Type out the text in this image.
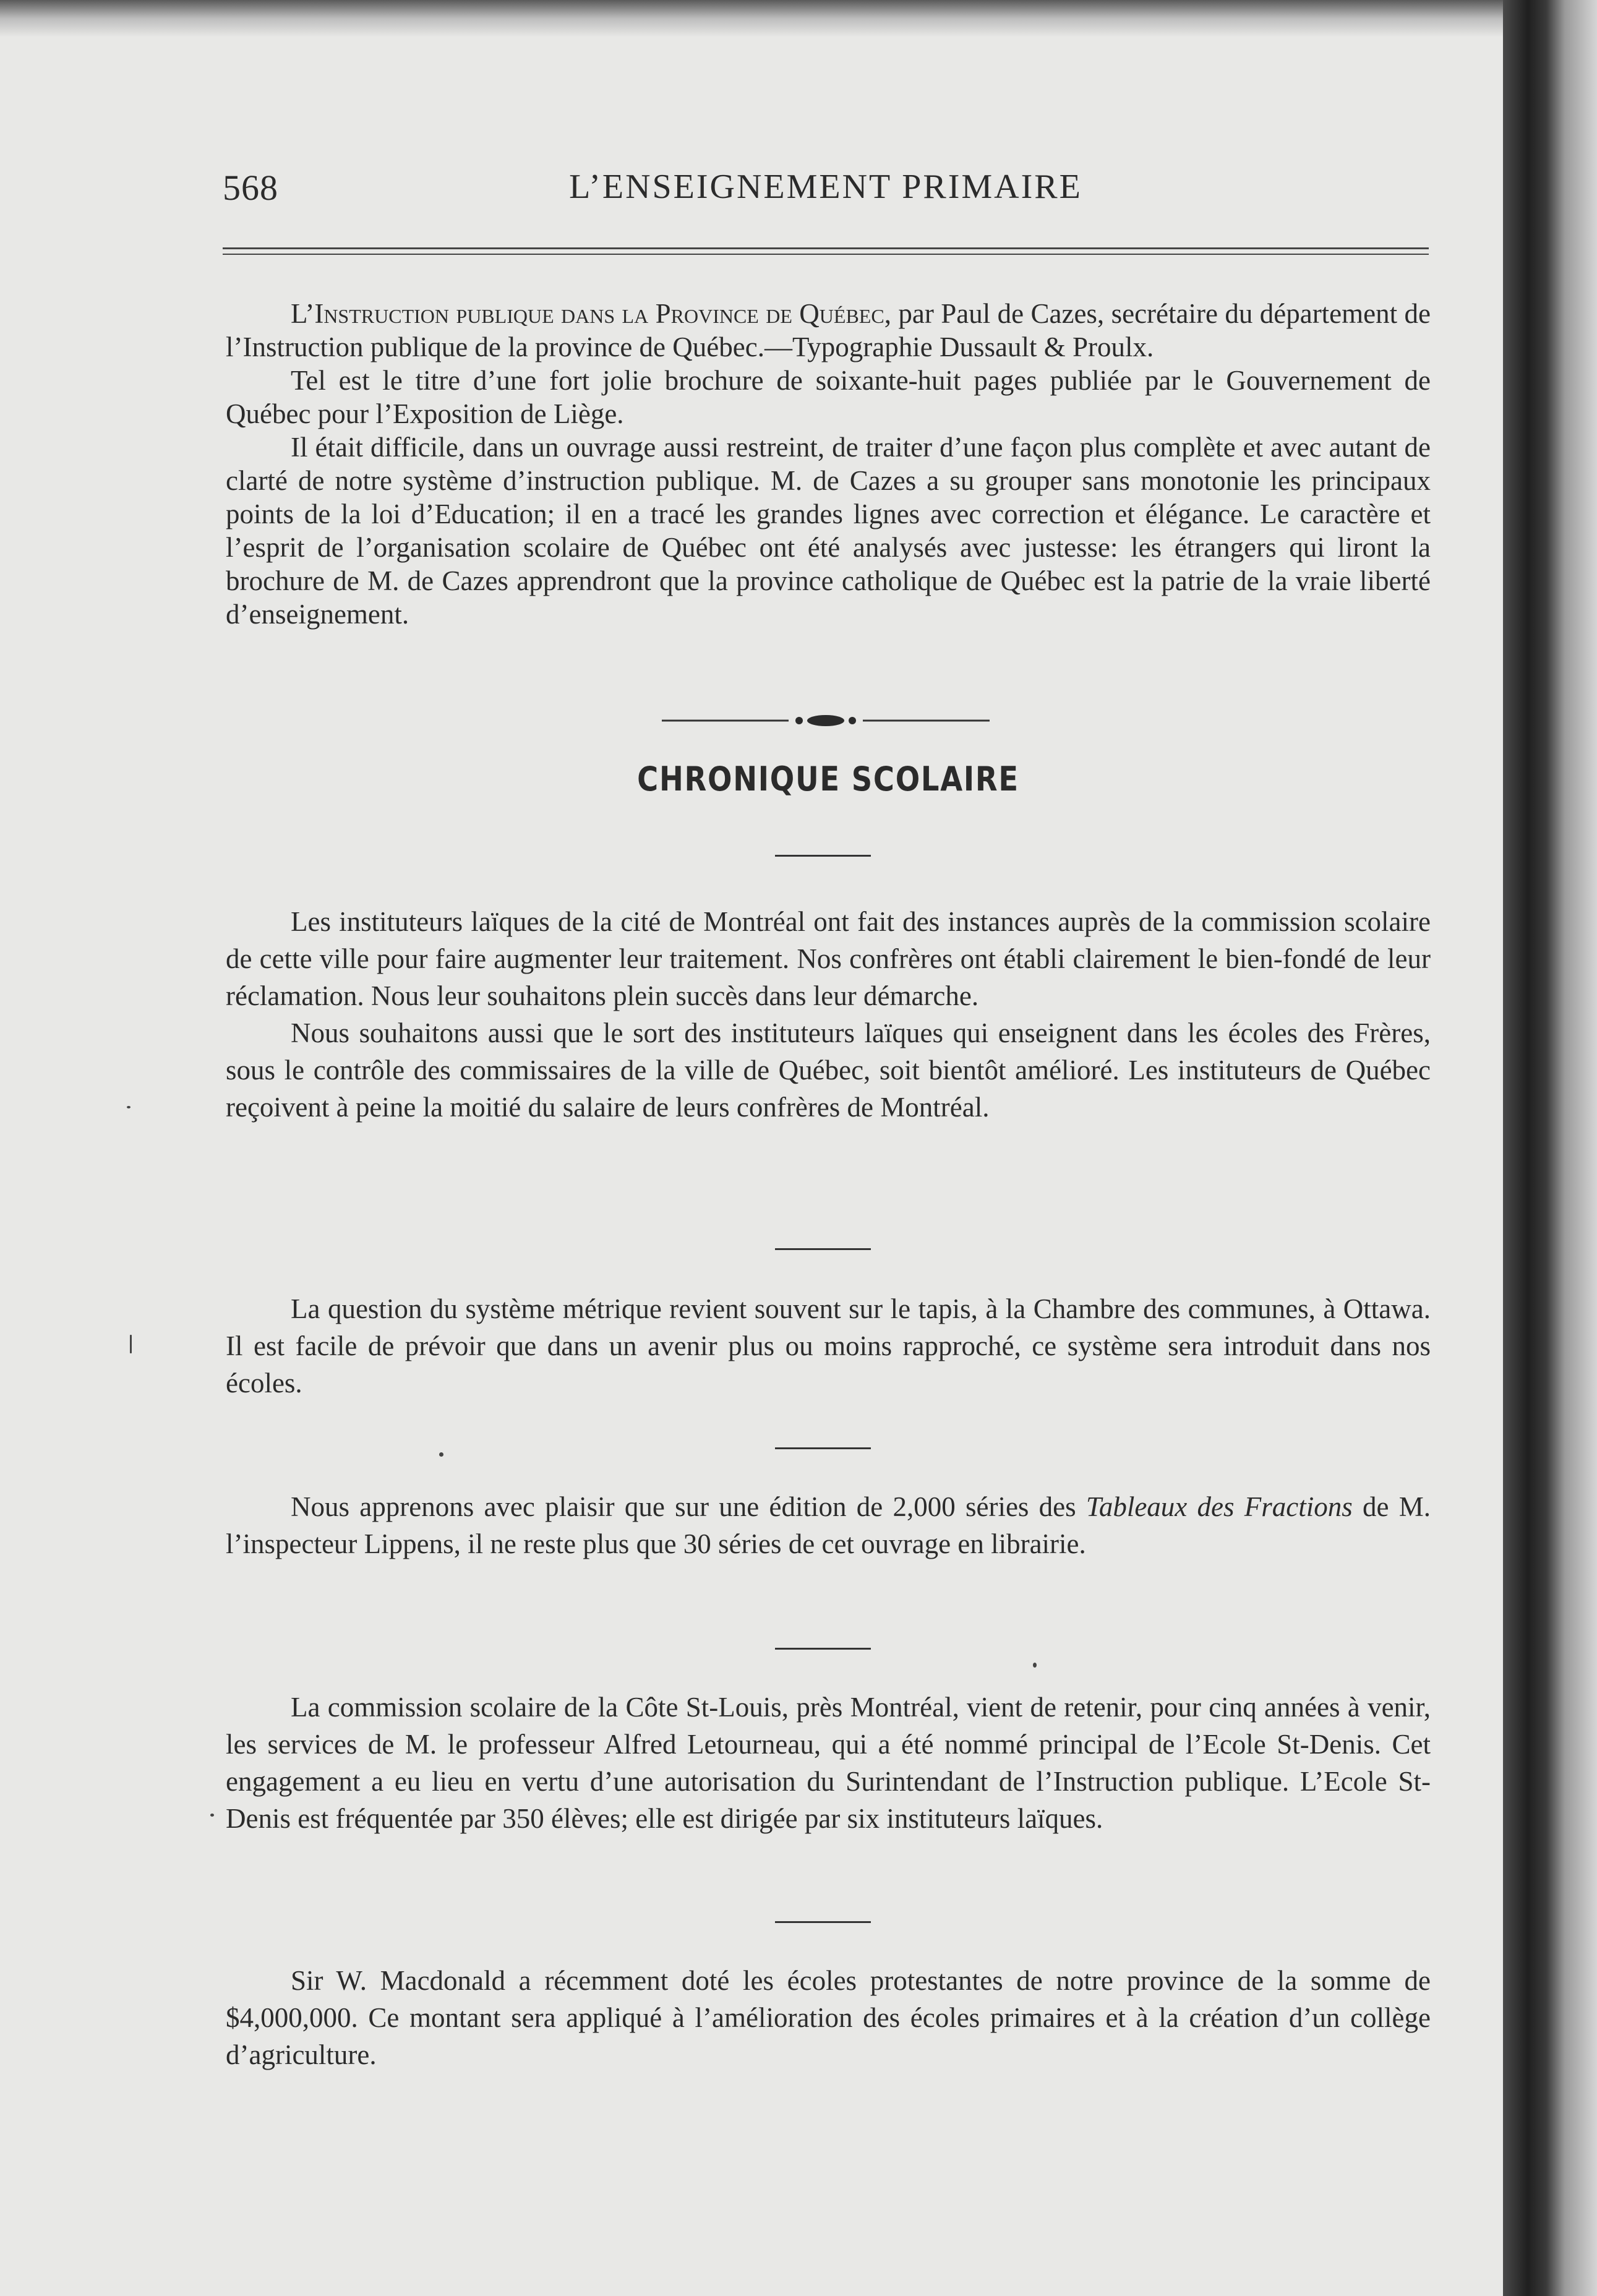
568	L’ENSEIGNEMENT PRIMAIRE

L’Instruction publique dans la Province de Québec, par Paul de Cazes, secrétaire du département de l’Instruction publique de la province de Québec.—Typographie Dussault & Proulx.

Tel est le titre d’une fort jolie brochure de soixante-huit pages publiée par le Gouvernement de Québec pour l’Exposition de Liège.

Il était difficile, dans un ouvrage aussi restreint, de traiter d’une façon plus complète et avec autant de clarté de notre système d’instruction publique. M. de Cazes a su grouper sans monotonie les principaux points de la loi d’Education; il en a tracé les grandes lignes avec correction et élégance. Le caractère et l’esprit de l’organisation scolaire de Québec ont été analysés avec justesse: les étrangers qui liront la brochure de M. de Cazes apprendront que la province catholique de Québec est la patrie de la vraie liberté d’enseignement.

CHRONIQUE SCOLAIRE

Les instituteurs laïques de la cité de Montréal ont fait des instances auprès de la commission scolaire de cette ville pour faire augmenter leur traitement. Nos confrères ont établi clairement le bien-fondé de leur réclamation. Nous leur souhaitons plein succès dans leur démarche.

Nous souhaitons aussi que le sort des instituteurs laïques qui enseignent dans les écoles des Frères, sous le contrôle des commissaires de la ville de Québec, soit bientôt amélioré. Les instituteurs de Québec reçoivent à peine la moitié du salaire de leurs confrères de Montréal.

La question du système métrique revient souvent sur le tapis, à la Chambre des communes, à Ottawa. Il est facile de prévoir que dans un avenir plus ou moins rapproché, ce système sera introduit dans nos écoles.

Nous apprenons avec plaisir que sur une édition de 2,000 séries des Tableaux des Fractions de M. l’inspecteur Lippens, il ne reste plus que 30 séries de cet ouvrage en librairie.

La commission scolaire de la Côte St-Louis, près Montréal, vient de retenir, pour cinq années à venir, les services de M. le professeur Alfred Letourneau, qui a été nommé principal de l’Ecole St-Denis. Cet engagement a eu lieu en vertu d’une autorisation du Surintendant de l’Instruction publique. L’Ecole St-Denis est fréquentée par 350 élèves; elle est dirigée par six instituteurs laïques.

Sir W. Macdonald a récemment doté les écoles protestantes de notre province de la somme de $4,000,000. Ce montant sera appliqué à l’amélioration des écoles primaires et à la création d’un collège d’agriculture.
